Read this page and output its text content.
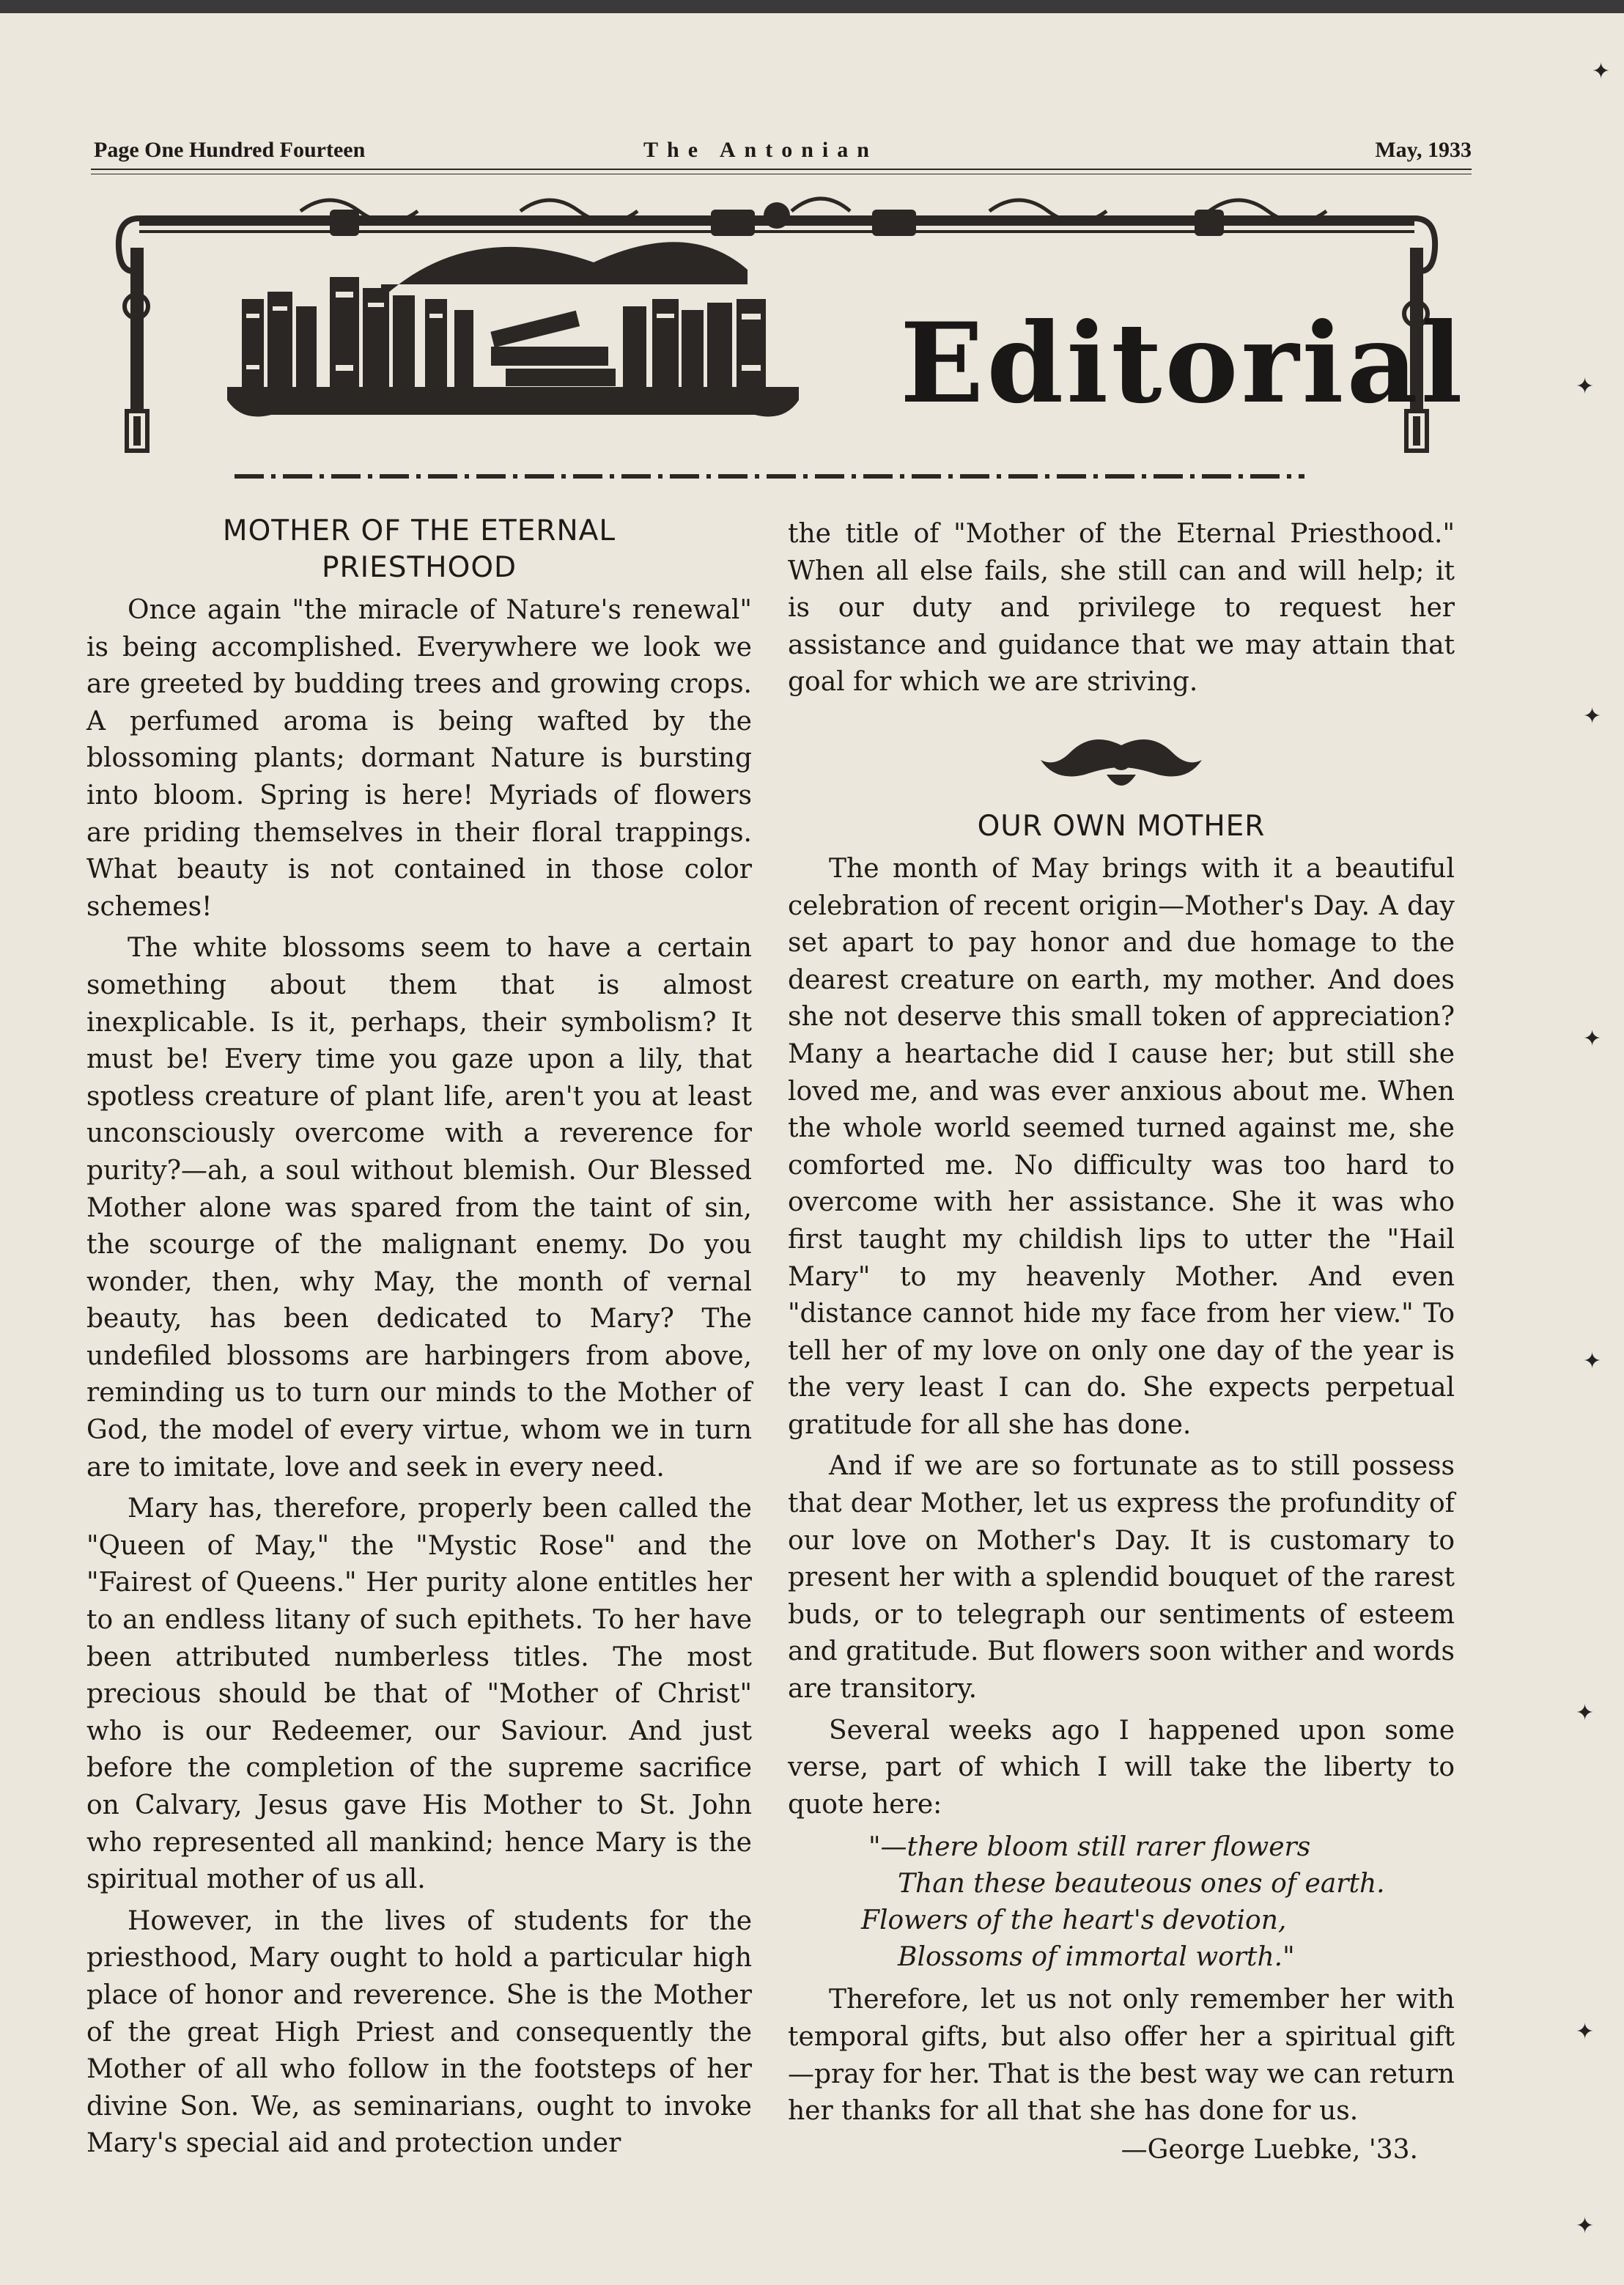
Page One Hundred Fourteen	The Antonian	May, 1933
Editorial
MOTHER OF THE ETERNAL
PRIESTHOOD

Once again "the miracle of Nature's renewal" is being accomplished. Everywhere we look we are greeted by budding trees and growing crops. A perfumed aroma is being wafted by the blossoming plants; dormant Nature is bursting into bloom. Spring is here! Myriads of flowers are priding themselves in their floral trappings. What beauty is not contained in those color schemes!

The white blossoms seem to have a certain something about them that is almost inexplicable. Is it, perhaps, their symbolism? It must be! Every time you gaze upon a lily, that spotless creature of plant life, aren't you at least unconsciously overcome with a reverence for purity?—ah, a soul without blemish. Our Blessed Mother alone was spared from the taint of sin, the scourge of the malignant enemy. Do you wonder, then, why May, the month of vernal beauty, has been dedicated to Mary? The undefiled blossoms are harbingers from above, reminding us to turn our minds to the Mother of God, the model of every virtue, whom we in turn are to imitate, love and seek in every need.

Mary has, therefore, properly been called the "Queen of May," the "Mystic Rose" and the "Fairest of Queens." Her purity alone entitles her to an endless litany of such epithets. To her have been attributed numberless titles. The most precious should be that of "Mother of Christ" who is our Redeemer, our Saviour. And just before the completion of the supreme sacrifice on Calvary, Jesus gave His Mother to St. John who represented all mankind; hence Mary is the spiritual mother of us all.

However, in the lives of students for the priesthood, Mary ought to hold a particular high place of honor and reverence. She is the Mother of the great High Priest and consequently the Mother of all who follow in the footsteps of her divine Son. We, as seminarians, ought to invoke Mary's special aid and protection under

the title of "Mother of the Eternal Priesthood." When all else fails, she still can and will help; it is our duty and privilege to request her assistance and guidance that we may attain that goal for which we are striving.

OUR OWN MOTHER

The month of May brings with it a beautiful celebration of recent origin—Mother's Day. A day set apart to pay honor and due homage to the dearest creature on earth, my mother. And does she not deserve this small token of appreciation? Many a heartache did I cause her; but still she loved me, and was ever anxious about me. When the whole world seemed turned against me, she comforted me. No difficulty was too hard to overcome with her assistance. She it was who first taught my childish lips to utter the "Hail Mary" to my heavenly Mother. And even "distance cannot hide my face from her view." To tell her of my love on only one day of the year is the very least I can do. She expects perpetual gratitude for all she has done.

And if we are so fortunate as to still possess that dear Mother, let us express the profundity of our love on Mother's Day. It is customary to present her with a splendid bouquet of the rarest buds, or to telegraph our sentiments of esteem and gratitude. But flowers soon wither and words are transitory.

Several weeks ago I happened upon some verse, part of which I will take the liberty to quote here:

"—there bloom still rarer flowers
Than these beauteous ones of earth.
Flowers of the heart's devotion,
Blossoms of immortal worth."

Therefore, let us not only remember her with temporal gifts, but also offer her a spiritual gift —pray for her. That is the best way we can return her thanks for all that she has done for us.

—George Luebke, '33.
✦
✦
✦
✦
✦
✦
✦
✦
